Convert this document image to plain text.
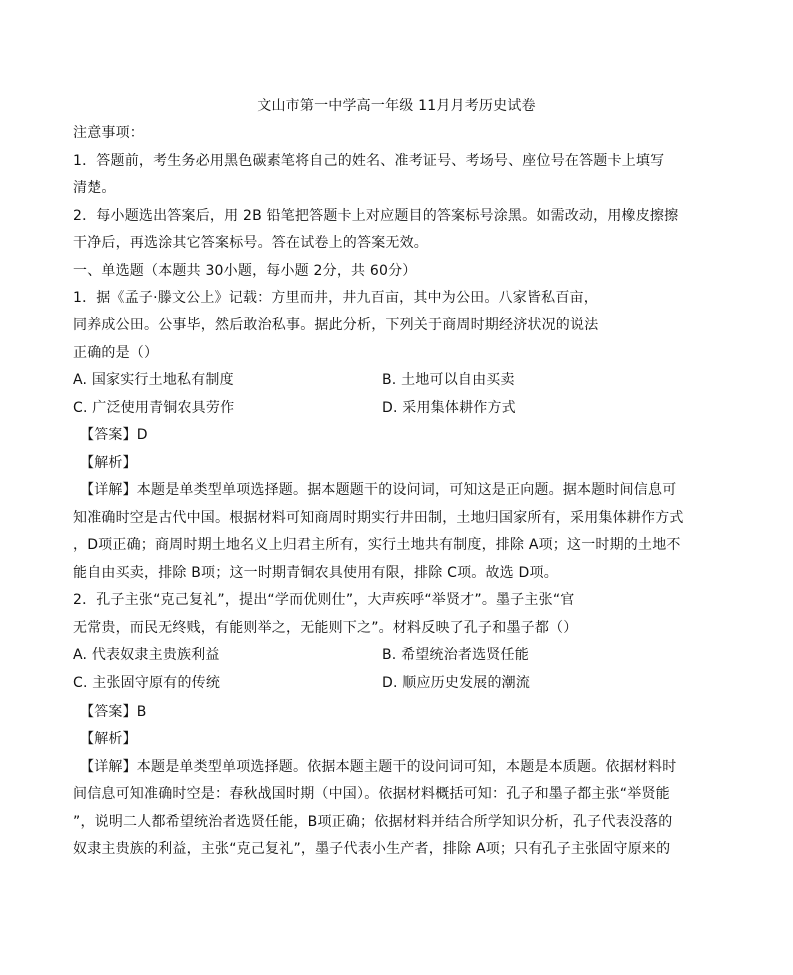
文山市第一中学高一年级 11月月考历史试卷
注意事项：
1．答题前，考生务必用黑色碳素笔将自己的姓名、准考证号、考场号、座位号在答题卡上填写
清楚。
2．每小题选出答案后，用 2B 铅笔把答题卡上对应题目的答案标号涂黑。如需改动，用橡皮擦擦
干净后，再选涂其它答案标号。答在试卷上的答案无效。
一、单选题（本题共 30小题，每小题 2分，共 60分）
1．据《孟子·滕文公上》记载：方里而井，井九百亩，其中为公田。八家皆私百亩，
同养成公田。公事毕，然后敢治私事。据此分析，下列关于商周时期经济状况的说法
正确的是（）
A. 国家实行土地私有制度	B. 土地可以自由买卖
C. 广泛使用青铜农具劳作	D. 采用集体耕作方式
【答案】D
【解析】
【详解】本题是单类型单项选择题。据本题题干的设问词，可知这是正向题。据本题时间信息可
知准确时空是古代中国。根据材料可知商周时期实行井田制，土地归国家所有，采用集体耕作方式
，D项正确；商周时期土地名义上归君主所有，实行土地共有制度，排除 A项；这一时期的土地不
能自由买卖，排除 B项；这一时期青铜农具使用有限，排除 C项。故选 D项。
2．孔子主张“克己复礼”，提出“学而优则仕”，大声疾呼“举贤才”。墨子主张“官
无常贵，而民无终贱，有能则举之，无能则下之”。材料反映了孔子和墨子都（）
A. 代表奴隶主贵族利益	B. 希望统治者选贤任能
C. 主张固守原有的传统	D. 顺应历史发展的潮流
【答案】B
【解析】
【详解】本题是单类型单项选择题。依据本题主题干的设问词可知，本题是本质题。依据材料时
间信息可知准确时空是：春秋战国时期（中国）。依据材料概括可知：孔子和墨子都主张“举贤能
”，说明二人都希望统治者选贤任能，B项正确；依据材料并结合所学知识分析，孔子代表没落的
奴隶主贵族的利益，主张“克己复礼”，墨子代表小生产者，排除 A项；只有孔子主张固守原来的
